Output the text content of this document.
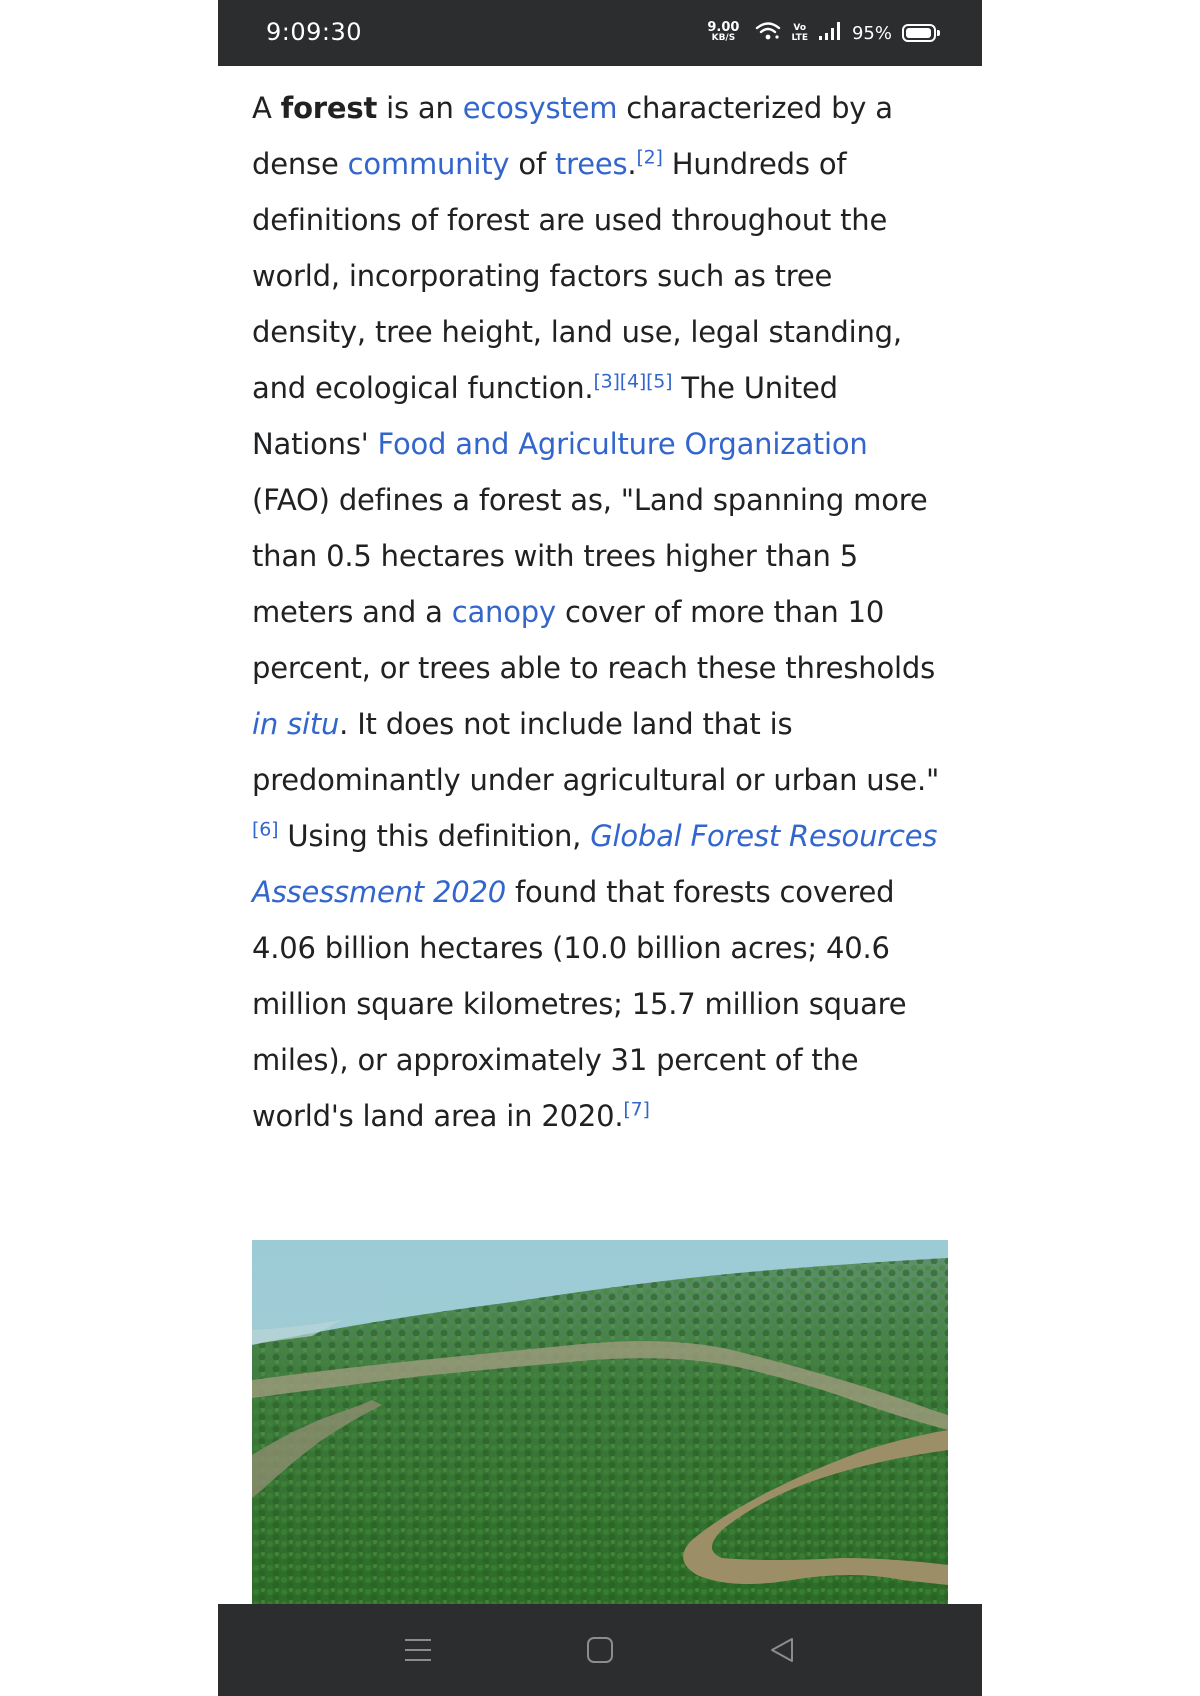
9:09:30	9.00
KB/S
Vo
LTE 95%

A forest is an ecosystem characterized by a dense community of trees.[2] Hundreds of definitions of forest are used throughout the world, incorporating factors such as tree density, tree height, land use, legal standing, and ecological function.[3][4][5] The United Nations' Food and Agriculture Organization (FAO) defines a forest as, "Land spanning more than 0.5 hectares with trees higher than 5 meters and a canopy cover of more than 10 percent, or trees able to reach these thresholds in situ. It does not include land that is predominantly under agricultural or urban use."[6] Using this definition, Global Forest Resources Assessment 2020 found that forests covered 4.06 billion hectares (10.0 billion acres; 40.6 million square kilometres; 15.7 million square miles), or approximately 31 percent of the world's land area in 2020.[7]
